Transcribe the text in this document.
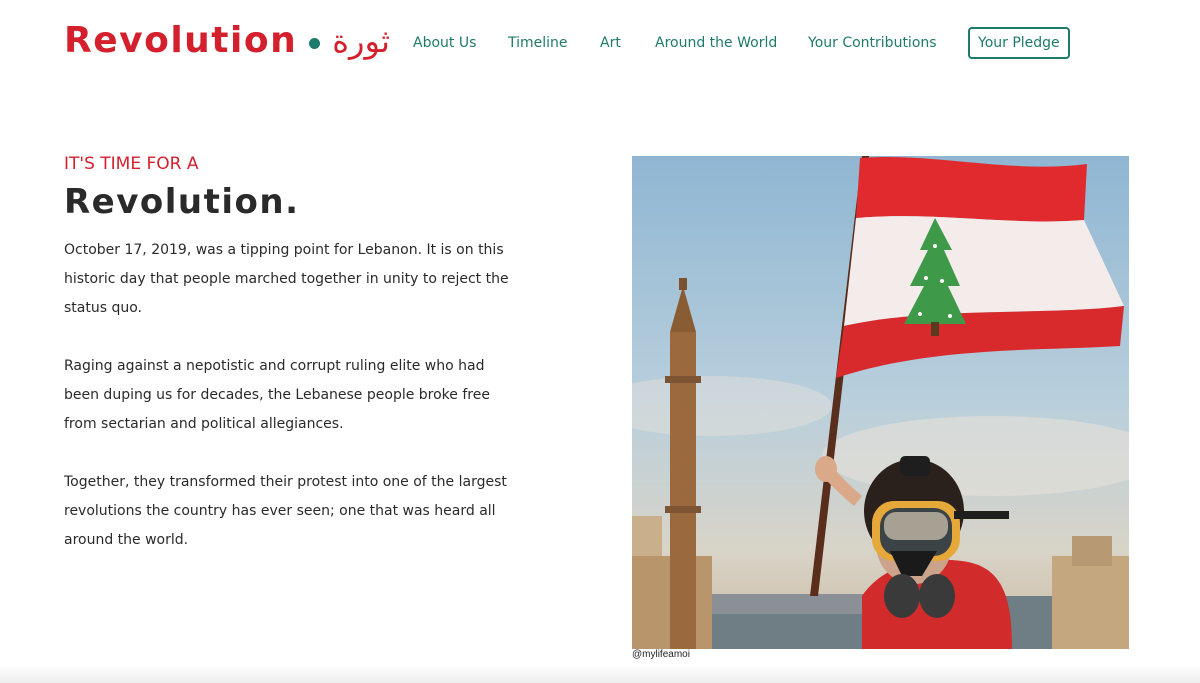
Revolution ثورة About Us Timeline Art Around the World Your Contributions	Your Pledge
IT'S TIME FOR A
Revolution.

October 17, 2019, was a tipping point for Lebanon. It is on this historic day that people marched together in unity to reject the status quo.

Raging against a nepotistic and corrupt ruling elite who had been duping us for decades, the Lebanese people broke free from sectarian and political allegiances.

Together, they transformed their protest into one of the largest revolutions the country has ever seen; one that was heard all around the world.

@mylifeamoi
